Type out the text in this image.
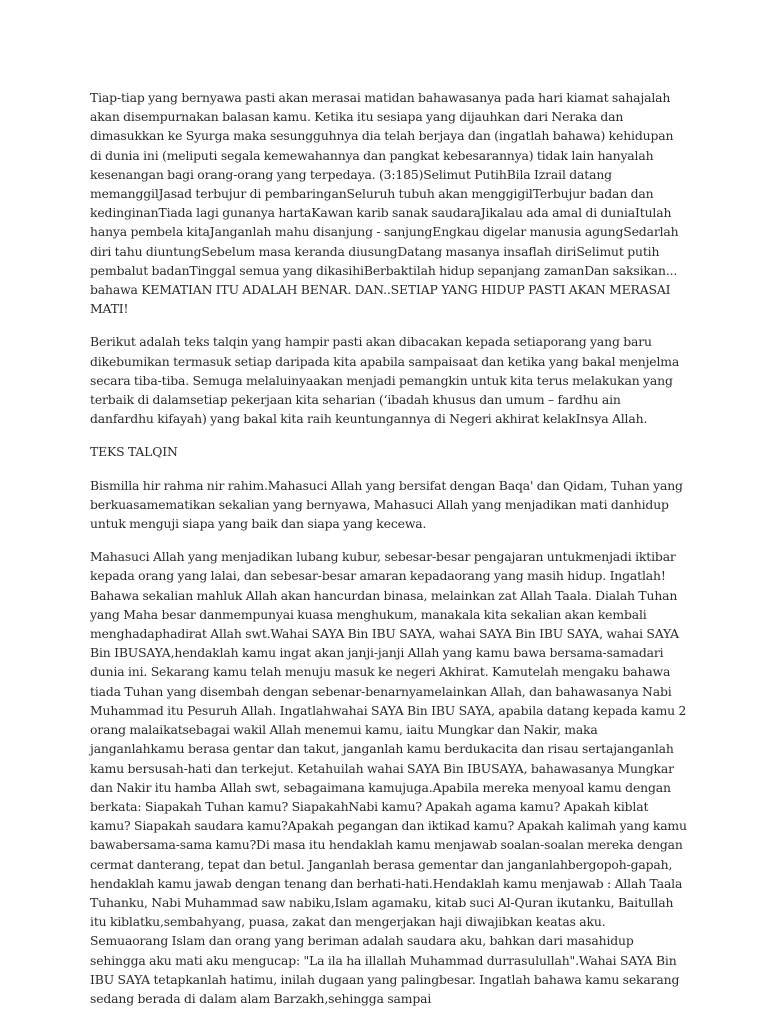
Tiap-tiap yang bernyawa pasti akan merasai matidan bahawasanya pada hari kiamat sahajalah akan disempurnakan balasan kamu. Ketika itu sesiapa yang dijauhkan dari Neraka dan dimasukkan ke Syurga maka sesungguhnya dia telah berjaya dan (ingatlah bahawa) kehidupan di dunia ini (meliputi segala kemewahannya dan pangkat kebesarannya) tidak lain hanyalah kesenangan bagi orang-orang yang terpedaya. (3:185)Selimut PutihBila Izrail datang memanggilJasad terbujur di pembaringanSeluruh tubuh akan menggigilTerbujur badan dan kedinginanTiada lagi gunanya hartaKawan karib sanak saudaraJikalau ada amal di duniaItulah hanya pembela kitaJanganlah mahu disanjung - sanjungEngkau digelar manusia agungSedarlah diri tahu diuntungSebelum masa keranda diusungDatang masanya insaflah diriSelimut putih pembalut badanTinggal semua yang dikasihiBerbaktilah hidup sepanjang zamanDan saksikan... bahawa KEMATIAN ITU ADALAH BENAR. DAN..SETIAP YANG HIDUP PASTI AKAN MERASAI MATI!

Berikut adalah teks talqin yang hampir pasti akan dibacakan kepada setiaporang yang baru dikebumikan termasuk setiap daripada kita apabila sampaisaat dan ketika yang bakal menjelma secara tiba-tiba. Semuga melaluinyaakan menjadi pemangkin untuk kita terus melakukan yang terbaik di dalamsetiap pekerjaan kita seharian (‘ibadah khusus dan umum – fardhu ain danfardhu kifayah) yang bakal kita raih keuntungannya di Negeri akhirat kelakInsya Allah.

TEKS TALQIN

Bismilla hir rahma nir rahim.Mahasuci Allah yang bersifat dengan Baqa' dan Qidam, Tuhan yang berkuasamematikan sekalian yang bernyawa, Mahasuci Allah yang menjadikan mati danhidup untuk menguji siapa yang baik dan siapa yang kecewa.

Mahasuci Allah yang menjadikan lubang kubur, sebesar-besar pengajaran untukmenjadi iktibar kepada orang yang lalai, dan sebesar-besar amaran kepadaorang yang masih hidup. Ingatlah! Bahawa sekalian mahluk Allah akan hancurdan binasa, melainkan zat Allah Taala. Dialah Tuhan yang Maha besar danmempunyai kuasa menghukum, manakala kita sekalian akan kembali menghadaphadirat Allah swt.Wahai SAYA Bin IBU SAYA, wahai SAYA Bin IBU SAYA, wahai SAYA Bin IBUSAYA,hendaklah kamu ingat akan janji-janji Allah yang kamu bawa bersama-samadari dunia ini. Sekarang kamu telah menuju masuk ke negeri Akhirat. Kamutelah mengaku bahawa tiada Tuhan yang disembah dengan sebenar-benarnyamelainkan Allah, dan bahawasanya Nabi Muhammad itu Pesuruh Allah. Ingatlahwahai SAYA Bin IBU SAYA, apabila datang kepada kamu 2 orang malaikatsebagai wakil Allah menemui kamu, iaitu Mungkar dan Nakir, maka janganlahkamu berasa gentar dan takut, janganlah kamu berdukacita dan risau sertajanganlah kamu bersusah-hati dan terkejut. Ketahuilah wahai SAYA Bin IBUSAYA, bahawasanya Mungkar dan Nakir itu hamba Allah swt, sebagaimana kamujuga.Apabila mereka menyoal kamu dengan berkata: Siapakah Tuhan kamu? SiapakahNabi kamu? Apakah agama kamu? Apakah kiblat kamu? Siapakah saudara kamu?Apakah pegangan dan iktikad kamu? Apakah kalimah yang kamu bawabersama-sama kamu?Di masa itu hendaklah kamu menjawab soalan-soalan mereka dengan cermat danterang, tepat dan betul. Janganlah berasa gementar dan janganlahbergopoh-gapah, hendaklah kamu jawab dengan tenang dan berhati-hati.Hendaklah kamu menjawab : Allah Taala Tuhanku, Nabi Muhammad saw nabiku,Islam agamaku, kitab suci Al-Quran ikutanku, Baitullah itu kiblatku,sembahyang, puasa, zakat dan mengerjakan haji diwajibkan keatas aku. Semuaorang Islam dan orang yang beriman adalah saudara aku, bahkan dari masahidup sehingga aku mati aku mengucap: "La ila ha illallah Muhammad durrasulullah".Wahai SAYA Bin IBU SAYA tetapkanlah hatimu, inilah dugaan yang palingbesar. Ingatlah bahawa kamu sekarang sedang berada di dalam alam Barzakh,sehingga sampai
